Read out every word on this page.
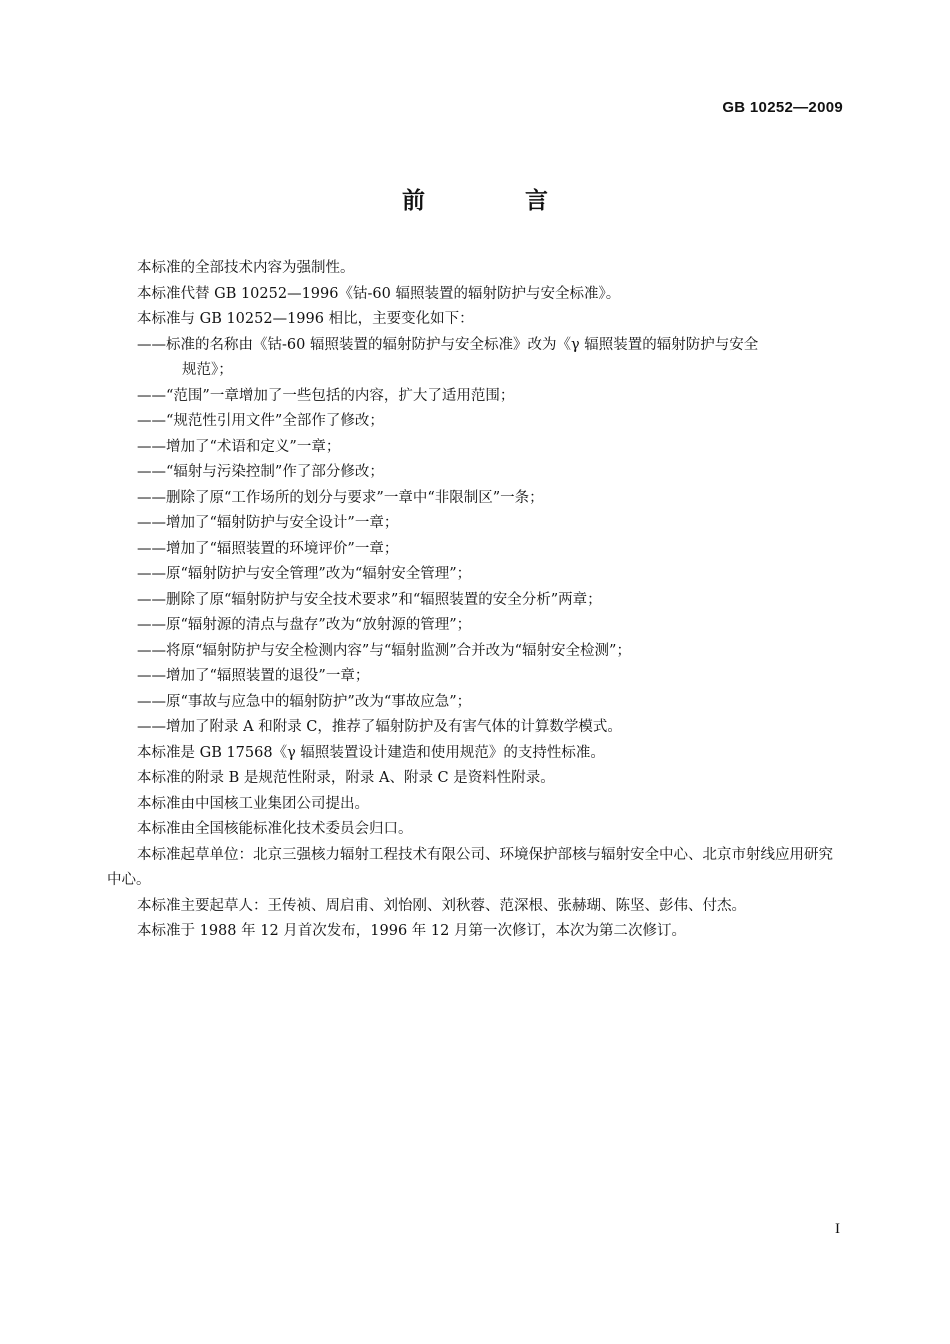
GB 10252—2009

前 言

本标准的全部技术内容为强制性。

本标准代替 GB 10252—1996《钴-60 辐照装置的辐射防护与安全标准》。

本标准与 GB 10252—1996 相比，主要变化如下：

——标准的名称由《钴-60 辐照装置的辐射防护与安全标准》改为《γ 辐照装置的辐射防护与安全
规范》；

——“范围”一章增加了一些包括的内容，扩大了适用范围；

——“规范性引用文件”全部作了修改；

——增加了“术语和定义”一章；

——“辐射与污染控制”作了部分修改；

——删除了原“工作场所的划分与要求”一章中“非限制区”一条；

——增加了“辐射防护与安全设计”一章；

——增加了“辐照装置的环境评价”一章；

——原“辐射防护与安全管理”改为“辐射安全管理”；

——删除了原“辐射防护与安全技术要求”和“辐照装置的安全分析”两章；

——原“辐射源的清点与盘存”改为“放射源的管理”；

——将原“辐射防护与安全检测内容”与“辐射监测”合并改为“辐射安全检测”；

——增加了“辐照装置的退役”一章；

——原“事故与应急中的辐射防护”改为“事故应急”；

——增加了附录 A 和附录 C，推荐了辐射防护及有害气体的计算数学模式。

本标准是 GB 17568《γ 辐照装置设计建造和使用规范》的支持性标准。

本标准的附录 B 是规范性附录，附录 A、附录 C 是资料性附录。

本标准由中国核工业集团公司提出。

本标准由全国核能标准化技术委员会归口。

本标准起草单位：北京三强核力辐射工程技术有限公司、环境保护部核与辐射安全中心、北京市射线应用研究中心。

本标准主要起草人：王传祯、周启甫、刘怡刚、刘秋蓉、范深根、张赫瑚、陈坚、彭伟、付杰。

本标准于 1988 年 12 月首次发布，1996 年 12 月第一次修订，本次为第二次修订。

I
